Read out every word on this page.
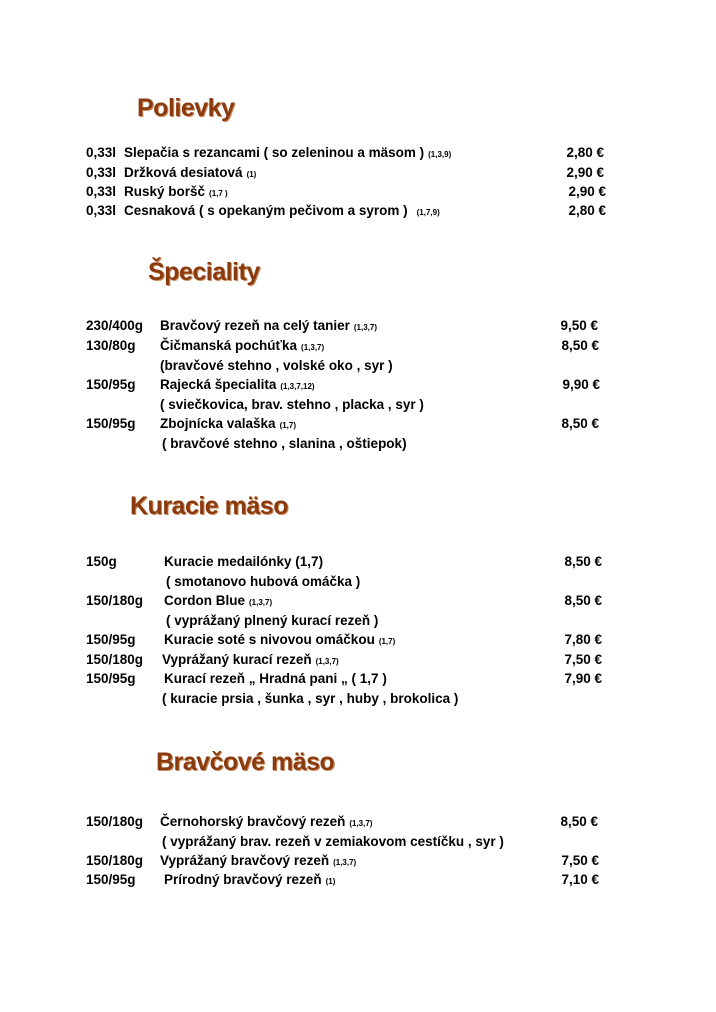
Polievky
Špeciality
Kuracie mäso
Bravčové mäso
0,33l Slepačia s rezancami ( so zeleninou a mäsom ) (1,3,9)	2,80 €
0,33l Držková desiatová (1)	2,90 €
0,33l Ruský boršč (1,7 )	2,90 €
0,33l Cesnaková ( s opekaným pečivom a syrom ) (1,7,9)	2,80 €
230/400g Bravčový rezeň na celý tanier (1,3,7)	9,50 €
130/80g Čičmanská pochúťka (1,3,7)	8,50 €
(bravčové stehno , volské oko , syr )
150/95g Rajecká špecialita (1,3,7,12)	9,90 €
( sviečkovica, brav. stehno , placka , syr )
150/95g Zbojnícka valaška (1,7)	8,50 €
( bravčové stehno , slanina , oštiepok)
150g	Kuracie medailónky (1,7)	8,50 €
( smotanovo hubová omáčka )
150/180g Cordon Blue (1,3,7)	8,50 €
( vyprážaný plnený kurací rezeň )
150/95g Kuracie soté s nivovou omáčkou (1,7)	7,80 €
150/180g Vyprážaný kurací rezeň (1,3,7)	7,50 €
150/95g Kurací rezeň „ Hradná pani „ ( 1,7 )	7,90 €
( kuracie prsia , šunka , syr , huby , brokolica )
150/180g Černohorský bravčový rezeň (1,3,7)	8,50 €
( vyprážaný brav. rezeň v zemiakovom cestíčku , syr )
150/180g Vyprážaný bravčový rezeň (1,3,7)	7,50 €
150/95g Prírodný bravčový rezeň (1)	7,10 €
